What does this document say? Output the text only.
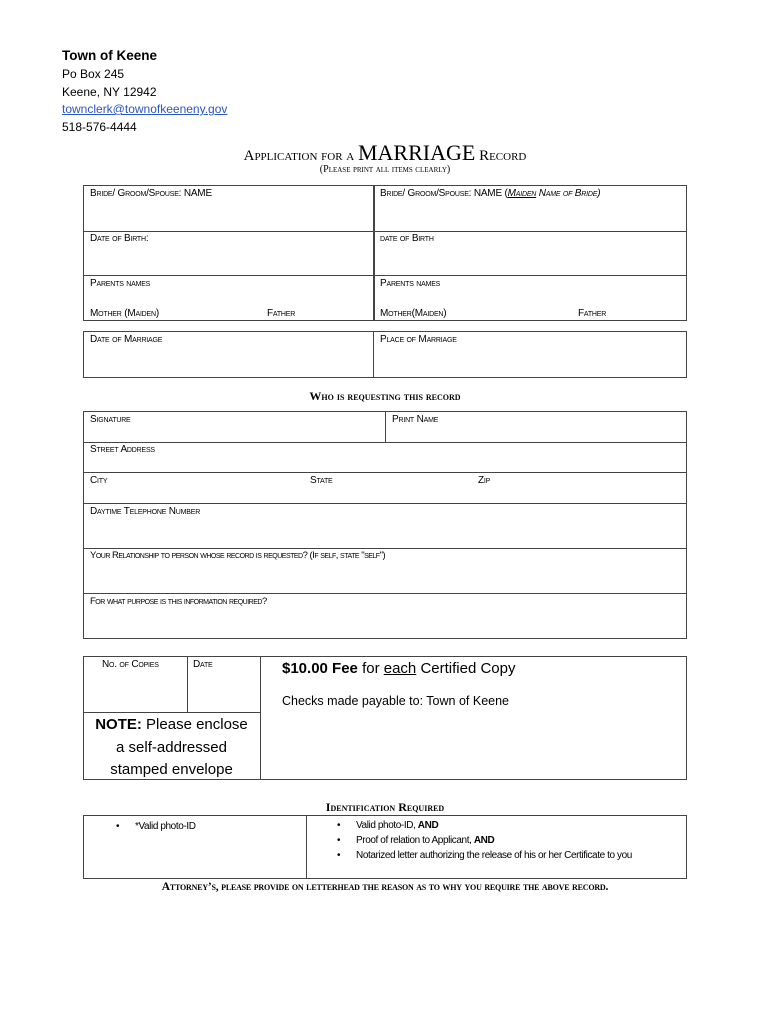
Town of Keene
Po Box 245
Keene, NY 12942
townclerk@townofkeeneny.gov
518-576-4444
Application for a MARRIAGE Record
(Please print all items clearly)
Bride/ Groom/Spouse: NAME	Bride/ Groom/Spouse: NAME (Maiden Name of Bride)
Date of Birth:	date of Birth
Parents names	Parents names
Mother (Maiden)	Father	Mother(Maiden)	Father
Date of Marriage	Place of Marriage
Who is requesting this record
Signature	Print Name
Street Address
City	State	Zip
Daytime Telephone Number
Your Relationship to person whose record is requested? (If self, state "self")
For what purpose is this information required?
No. of Copies	Date
NOTE: Please enclose
a self-addressed
stamped envelope
$10.00 Fee for each Certified Copy
Checks made payable to: Town of Keene
Identification Required
• *Valid photo-ID	• Valid photo-ID, AND
• Proof of relation to Applicant, AND
• Notarized letter authorizing the release of his or her Certificate to you
Attorney’s, please provide on letterhead the reason as to why you require the above record.
